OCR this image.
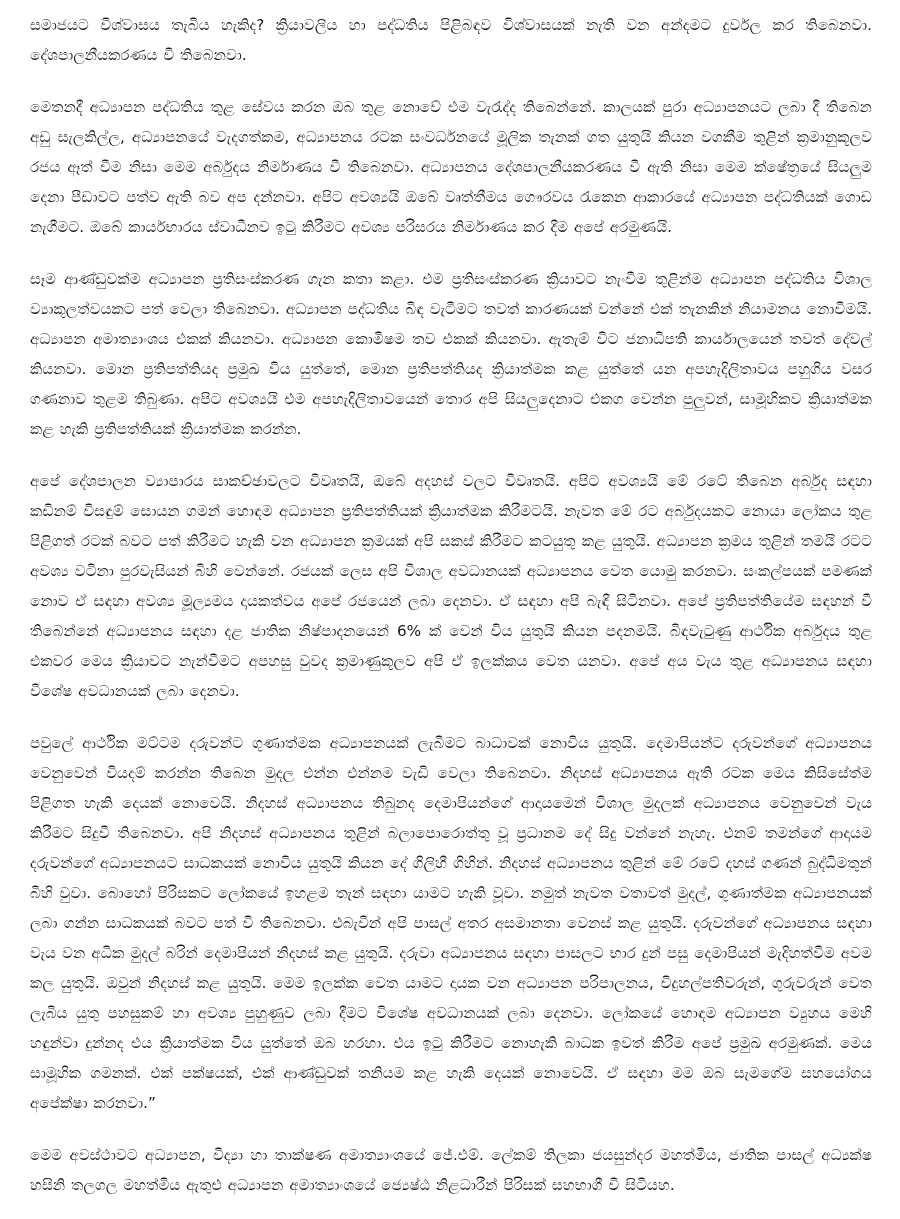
සමාජයට විශ්වාසය තැබිය හැකිද? ක්‍රියාවලිය හා පද්ධතිය පිළිබඳව විශ්වාසයක් නැති වන අන්දමට දුර්වල කර තිබෙනවා. දේශපාලනීයකරණය වී තිබෙනවා.

මෙතනදී අධ්‍යාපන පද්ධතිය තුළ සේවය කරන ඔබ තුළ නොවේ එම වැරැද්ද තිබෙන්නේ. කාලයක් පුරා අධ්‍යාපනයට ලබා දී තිබෙන අඩු සැලකිල්ල, අධ්‍යාපනයේ වැදගත්කම, අධ්‍යාපනය රටක සංවර්ධනයේ මූලික තැනක් ගත යුතුයි කියන වගකීම තුළින් ක්‍රමානුකූලව රජය ඈත් වීම නිසා මෙම අර්බුදය නිර්මාණය වී තිබෙනවා. අධ්‍යාපනය දේශපාලනීයකරණය වී ඇති නිසා මෙම ක්ෂේත්‍රයේ සියලුම දෙනා පීඩාවට පත්ව ඇති බව අප දන්නවා. අපිට අවශ්‍යයි ඔබේ වෘත්තීමය ගෞරවය රැකෙන ආකාරයේ අධ්‍යාපන පද්ධතියක් ගොඩ නැගීමට. ඔබේ කාර්යභාරය ස්වාධීනව ඉටු කිරීමට අවශ්‍ය පරිසරය නිර්මාණය කර දීම අපේ අරමුණයි.

සෑම ආණ්ඩුවක්ම අධ්‍යාපන ප්‍රතිසංස්කරණ ගැන කතා කළා. එම ප්‍රතිසංස්කරණ ක්‍රියාවට නැංවීම තුළින්ම අධ්‍යාපන පද්ධතිය විශාල ව්‍යාකූලත්වයකට පත් වෙලා තිබෙනවා. අධ්‍යාපන පද්ධතිය බිඳ වැටීමට තවත් කාරණයක් වන්නේ එක් තැනකින් නියාමනය නොවීමයි. අධ්‍යාපන අමාත්‍යාංශය එකක් කියනවා. අධ්‍යාපන කොමිෂම තව එකක් කියනවා. ඇතැම් විට ජනාධිපති කාර්යාලයෙන් තවත් දේවල් කියනවා. මොන ප්‍රතිපත්තියද ප්‍රමුඛ විය යුත්තේ, මොන ප්‍රතිපත්තියද ක්‍රියාත්මක කළ යුත්තේ යන අපහැදිලිතාවය පහුගිය වසර ගණනාව තුළම තිබුණා. අපිට අවශ්‍යයි එම අපහැදිලිතාවයෙන් තොර අපි සියලුදෙනාට එකග වෙන්න පුලුවන්, සාමූහිකව ක්‍රියාත්මක කළ හැකි ප්‍රතිපත්තියක් ක්‍රියාත්මක කරන්න.

අපේ දේශපාලන ව්‍යාපාරය සාකච්ඡාවලට විවෘතයි, ඔබේ අදහස් වලට විවෘතයි. අපිට අවශ්‍යයි මේ රටේ තිබෙන අර්බුද සඳහා කඩිනම් විසඳුම් සොයන ගමන් හොඳම අධ්‍යාපන ප්‍රතිපත්තියක් ක්‍රියාත්මක කිරීමටයි. නැවත මේ රට අර්බුදයකට නොයා ලෝකය තුළ පිළිගත් රටක් බවට පත් කිරීමට හැකි වන අධ්‍යාපන ක්‍රමයක් අපි සකස් කිරීමට කටයුතු කළ යුතුයි. අධ්‍යාපන ක්‍රමය තුළින් තමයි රටට අවශ්‍ය වටිනා පුරවැසියන් බිහි වෙන්නේ. රජයක් ලෙස අපි විශාල අවධානයක් අධ්‍යාපනය වෙත යොමු කරනවා. සංකල්පයක් පමණක් නොව ඒ සඳහා අවශ්‍ය මූල්‍යමය දායකත්වය අපේ රජයෙන් ලබා දෙනවා. ඒ සඳහා අපි බැඳී සිටිනවා. අපේ ප්‍රතිපත්තියේම සඳහන් වී තිබෙන්නේ අධ්‍යාපනය සඳහා දළ ජාතික නිෂ්පාදනයෙන් 6% ක් වෙන් විය යුතුයි කියන පදනමයි. බිඳවැටුණු ආර්ථික අර්බුදය තුළ එකවර මෙය ක්‍රියාවට නැන්වීමට අපහසු වුවද ක්‍රමාණුකූලව අපි ඒ ඉලක්කය වෙත යනවා. අපේ අය වැය තුළ අධ්‍යාපනය සඳහා විශේෂ අවධානයක් ලබා දෙනවා.

පවුලේ ආර්ථික මට්ටම දරුවන්ට ගුණාත්මක අධ්‍යාපනයක් ලැබීමට බාධාවක් නොවිය යුතුයි. දෙමාපියන්ට දරුවන්ගේ අධ්‍යාපනය වෙනුවෙන් වියදම් කරන්න තිබෙන මුදල එන්න එන්නම වැඩි වෙලා තිබෙනවා. නිදහස් අධ්‍යාපනය ඇති රටක මෙය කිසිසේත්ම පිළිගත හැකි දෙයක් නොවෙයි. නිදහස් අධ්‍යාපනය තිබුනද දෙමාපියන්ගේ ආදායමෙන් විශාල මුදලක් අධ්‍යාපනය වෙනුවෙන් වැය කිරීමට සිදුවී තිබෙනවා. අපි නිදහස් අධ්‍යාපනය තුළින් බලාපොරොත්තු වූ ප්‍රධානම දේ සිදු වන්නේ නැහැ. එනම් තමන්ගේ ආදායම දරුවන්ගේ අධ්‍යාපනයට සාධකයක් නොවිය යුතුයි කියන දේ ගිලිහී ගිහින්. නිදහස් අධ්‍යාපනය තුළින් මේ රටේ දහස් ගණන් බුද්ධිමතුන් බිහි වුවා. බොහෝ පිරිසකට ලෝකයේ ඉහළම තැන් සඳහා යාමට හැකි වූවා. නමුත් නැවත වතාවත් මුදල්, ගුණාත්මක අධ්‍යාපනයක් ලබා ගන්න සාධකයක් බවට පත් වී තිබෙනවා. එබැවින් අපි පාසල් අතර අසමානතා වෙනස් කළ යුතුයි. දරුවන්ගේ අධ්‍යාපනය සඳහා වැය වන අධික මුදල් බරින් දෙමාපියන් නිදහස් කළ යුතුයි. දරුවා අධ්‍යාපනය සඳහා පාසලට භාර දුන් පසු දෙමාපියන් මැදිහත්වීම අවම කල යුතුයි. ඔවුන් නිදහස් කළ යුතුයි. මෙම ඉලක්ක වෙත යාමට දායක වන අධ්‍යාපන පරිපාලනය, විදුහල්පතිවරුන්, ගුරුවරුන් වෙත ලැබිය යුතු පහසුකම් හා අවශ්‍ය පුහුණුව ලබා දීමට විශේෂ අවධානයක් ලබා දෙනවා. ලෝකයේ හොඳම අධ්‍යාපන ව්‍යුහය මෙහි හඳුන්වා දුන්නද එය ක්‍රියාත්මක විය යුත්තේ ඔබ හරහා. එය ඉටු කිරීමට නොහැකි බාධක ඉවත් කිරීම අපේ ප්‍රමුඛ අරමුණක්. මෙය සාමූහික ගමනක්. එක් පක්ෂයක්, එක් ආණ්ඩුවක් තනියම කළ හැකි දෙයක් නොවෙයි. ඒ සඳහා මම ඔබ සැමගේම සහයෝගය අපේක්ෂා කරනවා.”

මෙම අවස්ථාවට අධ්‍යාපන, විද්‍යා හා තාක්ෂණ අමාත්‍යාංශයේ ජේ.එම්. ලේකම් තිලකා ජයසුන්දර මහත්මිය, ජාතික පාසල් අධ්‍යක්ෂ හසිනි තලගල මහත්මිය ඇතුළු අධ්‍යාපන අමාත්‍යාංශයේ ජ්‍යෙෂ්ඨ නිළධාරීන් පිරිසක් සහභාගී වී සිටියහ.
